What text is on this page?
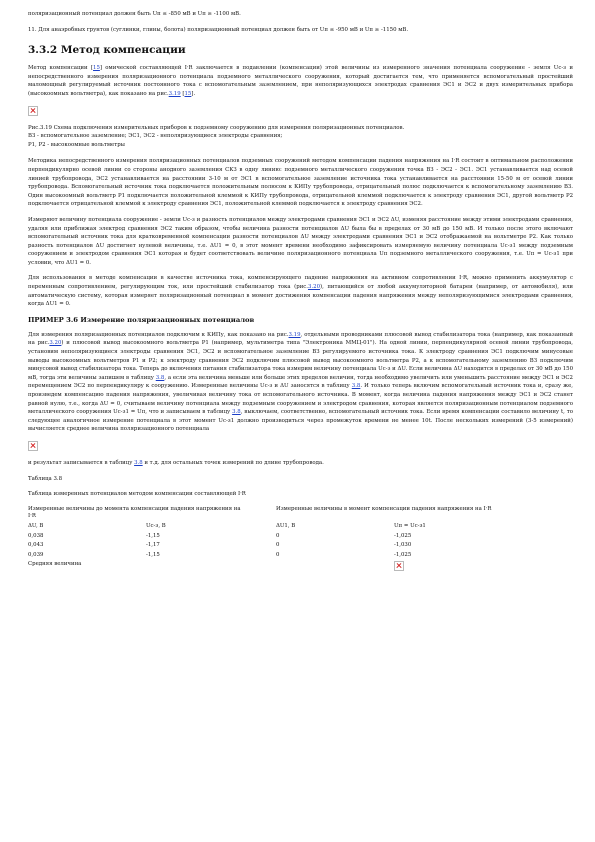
поляризационный потенциал должен быть Uп ≤ -850 мВ и Uп ≥ -1100 мВ.

11. Для анаэробных грунтов (суглинки, глины, болота) поляризационный потенциал должен быть от Uп ≤ -950 мВ и Uп ≥ -1150 мВ.

3.3.2 Метод компенсации

Метод компенсации [15] омической составляющей I·R заключается в подавлении (компенсации) этой величины из измеренного значения потенциала сооружение - земля Uс-з и непосредственного измерения поляризационного потенциала подземного металлического сооружения, который достигается тем, что применяется вспомогательный простейший маломощный регулируемый источник постоянного тока с вспомогательным заземлением, при неполяризующихся электродах сравнения ЭС1 и ЭС2 и двух измерительных прибора (высокоомных вольтметра), как показано на рис.3.19 [15].

Рис.3.19 Схема подключения измерительных приборов к подземному сооружению для измерения поляризационных потенциалов.
ВЗ - вспомогательное заземление; ЭС1, ЭС2 - неполяризующиеся электроды сравнения;
Р1, Р2 - высокоомные вольтметры

Методика непосредственного измерения поляризационных потенциалов подземных сооружений методом компенсации падения напряжения на I·R состоит в оптимальном расположении перпендикулярно осевой линии со стороны анодного заземления СКЗ в одну линию: подземного металлического сооружения точка ВЗ - ЭС2 - ЭС1. ЭС1 устанавливается над осевой линией трубопровода, ЭС2 устанавливается на расстоянии 3-10 м от ЭС1 в вспомогательное заземление источника тока устанавливается на расстоянии 15-50 м от осевой линии трубопровода. Вспомогательный источник тока подключается положительным полюсом к КИПу трубопровода, отрицательный полюс подключается к вспомогательному заземлению ВЗ. Один высокоомный вольтметр Р1 подключается положительной клеммой к КИПу трубопровода, отрицательной клеммой подключается к электроду сравнения ЭС1, другой вольтметр Р2 подключается отрицательной клеммой к электроду сравнения ЭС1, положительной клеммой подключается к электроду сравнения ЭС2.

Измеряют величину потенциала сооружение - земли Uс-з и разность потенциалов между электродами сравнения ЭС1 и ЭС2 ΔU, изменяя расстояние между этими электродами сравнения, удаляя или приближая электрод сравнения ЭС2 таким образом, чтобы величина разности потенциалов ΔU была бы в пределах от 30 мВ до 150 мВ. И только после этого включают вспомогательный источник тока для кратковременной компенсации разности потенциалов ΔU между электродами сравнения ЭС1 и ЭС2 отображаемой на вольтметре Р2. Как только разность потенциалов ΔU достигнет нулевой величины, т.е. ΔU1 = 0, в этот момент времени необходимо зафиксировать измеряемую величину потенциала Uс-з1 между подземным сооружением и электродом сравнения ЭС1 которая и будет соответствовать величине поляризационного потенциала Uп подземного металлического сооружения, т.е. Uп = Uс-з1 при условии, что ΔU1 = 0.

Для использования в методе компенсации в качестве источника тока, компенсирующего падение напряжения на активном сопротивлении I·R, можно применить аккумулятор с переменным сопротивлением, регулирующим ток, или простейший стабилизатор тока (рис.3.20), питающийся от любой аккумуляторной батареи (например, от автомобиля), или автоматическую систему, которая измеряет поляризационный потенциал в момент достижения компенсации падения напряжения между неполяризующимися электродами сравнения, когда ΔU1 = 0.

ПРИМЕР 3.6 Измерение поляризационных потенциалов

Для измерения поляризационных потенциалов подключим к КИПу, как показано на рис.3.19, отдельными проводниками плюсовой вывод стабилизатора тока (например, как показанный на рис.3.20) и плюсовой вывод высокоомного вольтметра Р1 (например, мультиметра типа "Электроника ММЦ-01"). На одной линии, перпендикулярной осевой линии трубопровода, установим неполяризующиеся электроды сравнения ЭС1, ЭС2 и вспомогательное заземление ВЗ регулируемого источника тока. К электроду сравнения ЭС1 подключим минусовые выводы высокоомных вольтметров Р1 и Р2; к электроду сравнения ЭС2 подключим плюсовой вывод высокоомного вольтметра Р2, а к вспомогательному заземлению ВЗ подключим минусовой вывод стабилизатора тока. Теперь до включения питания стабилизатора тока измерим величину потенциала Uс-з и ΔU. Если величина ΔU находится в пределах от 30 мВ до 150 мВ, тогда эти величины запишем в таблицу 3.8, а если эта величина меньше или больше этих пределов величин, тогда необходимо увеличить или уменьшить расстояние между ЭС1 и ЭС2 перемещением ЭС2 по перпендикуляру к сооружению. Измеренные величины Uс-з и ΔU заносятся в таблицу 3.8. И только теперь включим вспомогательный источник тока и, сразу же, произведем компенсацию падения напряжения, увеличивая величину тока от вспомогательного источника. В момент, когда величина падения напряжения между ЭС1 и ЭС2 станет равной нулю, т.е., когда ΔU = 0, считываем величину потенциала между подземным сооружением и электродом сравнения, которая является поляризационным потенциалом подземного металлического сооружения Uс-з1 = Uп, что и записываем в таблицу 3.8, выключаем, соответственно, вспомогательный источник тока. Если время компенсации составило величину t, то следующее аналогичное измерение потенциала в этот момент Uс-з1 должно производиться через промежуток времени не менее 10t. После нескольких измерений (3-5 измерений) вычисляется среднее величина поляризационного потенциала

и результат записывается в таблицу 3.8 и т.д. для остальных точек измерений по длине трубопровода.

Таблица 3.8

Таблица измеренных потенциалов методом компенсации составляющей I·R

Измеренные величины до момента компенсации падения напряжения на I·R		Измеренные величины в момент компенсации падения напряжения на I·R	
ΔU, В	Uс-з, В	ΔU1, В	Uп = Uс-з1
0,038	-1,15	0	-1,025
0,043	-1,17	0	-1,030
0,039	-1,15	0	-1,025
Средняя величина			
